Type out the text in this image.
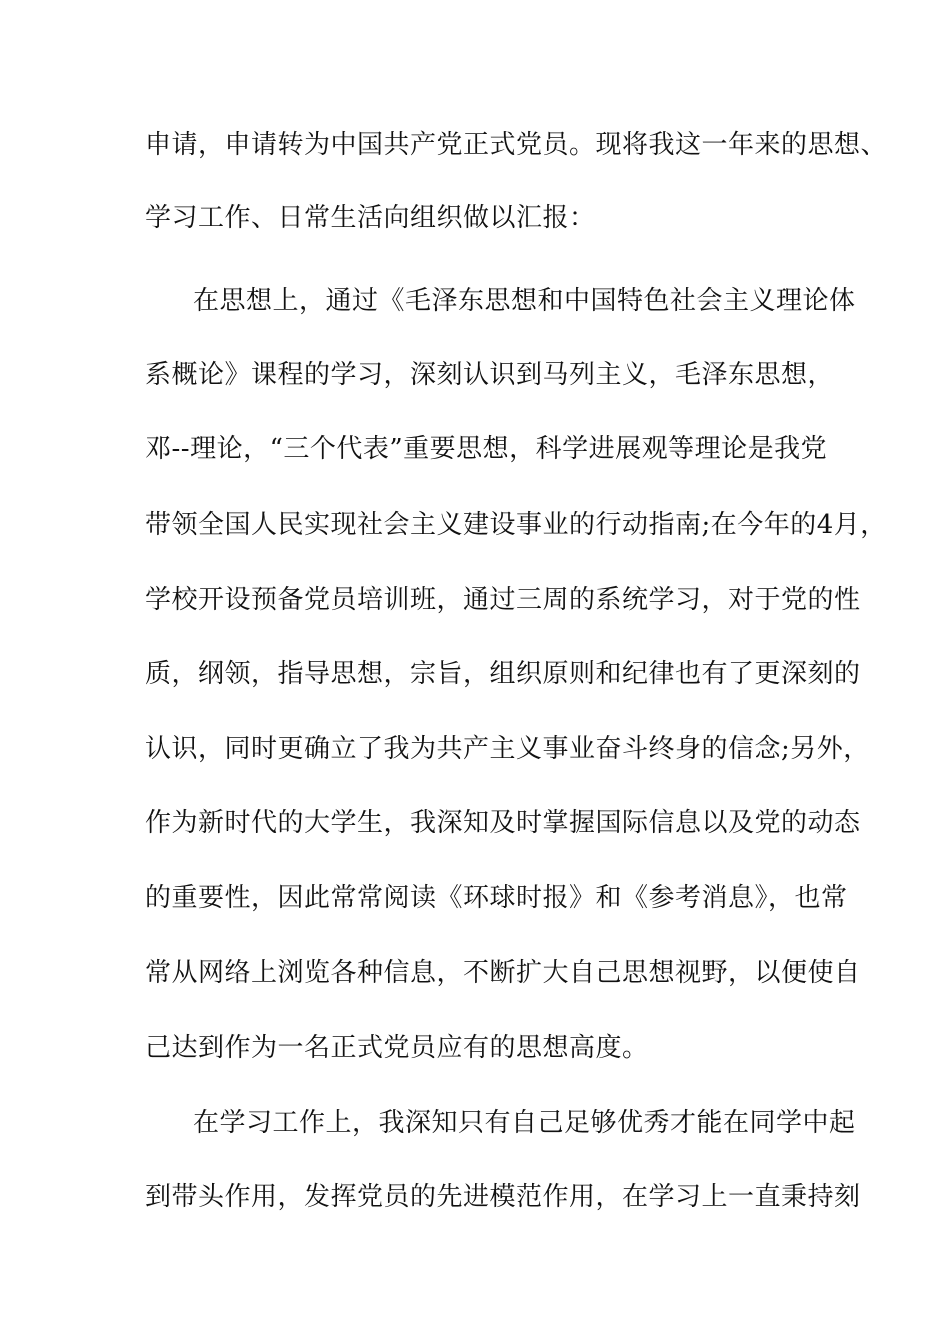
申请，申请转为中国共产党正式党员。现将我这一年来的思想、
学习工作、日常生活向组织做以汇报：
在思想上，通过《毛泽东思想和中国特色社会主义理论体
系概论》课程的学习，深刻认识到马列主义，毛泽东思想，
邓--理论，“三个代表”重要思想，科学进展观等理论是我党
带领全国人民实现社会主义建设事业的行动指南;在今年的4月，
学校开设预备党员培训班，通过三周的系统学习，对于党的性
质，纲领，指导思想，宗旨，组织原则和纪律也有了更深刻的
认识，同时更确立了我为共产主义事业奋斗终身的信念;另外，
作为新时代的大学生，我深知及时掌握国际信息以及党的动态
的重要性，因此常常阅读《环球时报》和《参考消息》，也常
常从网络上浏览各种信息，不断扩大自己思想视野，以便使自
己达到作为一名正式党员应有的思想高度。
在学习工作上，我深知只有自己足够优秀才能在同学中起
到带头作用，发挥党员的先进模范作用，在学习上一直秉持刻
